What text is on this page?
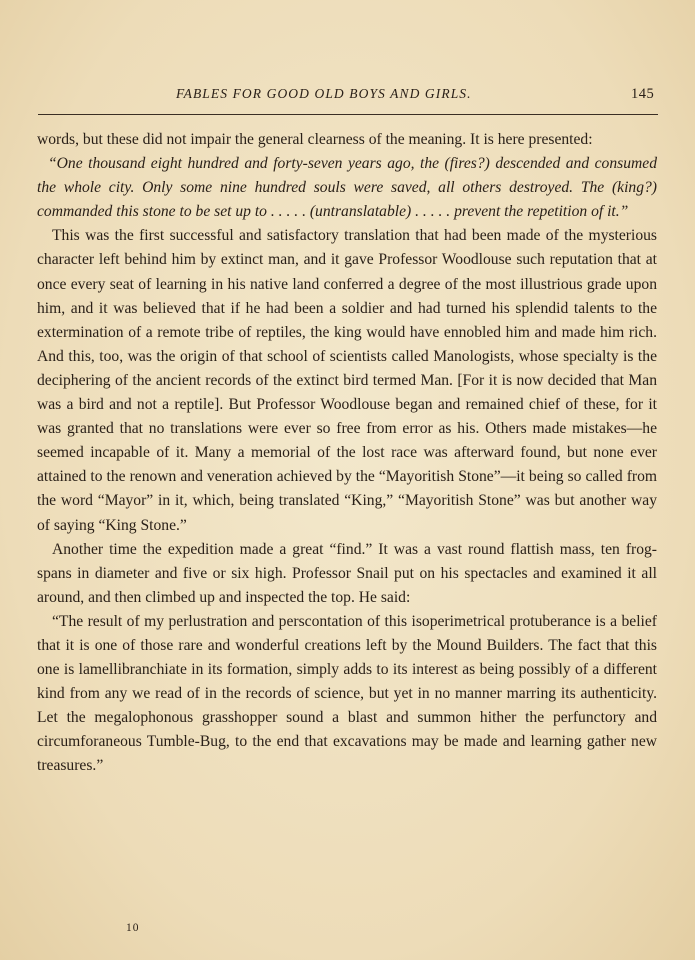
FABLES FOR GOOD OLD BOYS AND GIRLS.	145

words, but these did not impair the general clearness of the meaning. It is here presented:

“One thousand eight hundred and forty-seven years ago, the (fires?) descended and consumed the whole city. Only some nine hundred souls were saved, all others destroyed. The (king?) commanded this stone to be set up to . . . . . (untranslatable) . . . . . prevent the repetition of it.”

This was the first successful and satisfactory translation that had been made of the mysterious character left behind him by extinct man, and it gave Professor Woodlouse such reputation that at once every seat of learning in his native land conferred a degree of the most illustrious grade upon him, and it was believed that if he had been a soldier and had turned his splendid talents to the extermination of a remote tribe of reptiles, the king would have ennobled him and made him rich. And this, too, was the origin of that school of scientists called Manologists, whose specialty is the deciphering of the ancient records of the extinct bird termed Man. [For it is now decided that Man was a bird and not a reptile]. But Professor Woodlouse began and remained chief of these, for it was granted that no translations were ever so free from error as his. Others made mistakes—he seemed incapable of it. Many a memorial of the lost race was afterward found, but none ever attained to the renown and veneration achieved by the “Mayoritish Stone”—it being so called from the word “Mayor” in it, which, being translated “King,” “Mayoritish Stone” was but another way of saying “King Stone.”

Another time the expedition made a great “find.” It was a vast round flattish mass, ten frog-spans in diameter and five or six high. Professor Snail put on his spectacles and examined it all around, and then climbed up and inspected the top. He said:

“The result of my perlustration and perscontation of this isoperimetrical protuberance is a belief that it is one of those rare and wonderful creations left by the Mound Builders. The fact that this one is lamellibranchiate in its formation, simply adds to its interest as being possibly of a different kind from any we read of in the records of science, but yet in no manner marring its authenticity. Let the megalophonous grasshopper sound a blast and summon hither the perfunctory and circumforaneous Tumble-Bug, to the end that excavations may be made and learning gather new treasures.”

10
